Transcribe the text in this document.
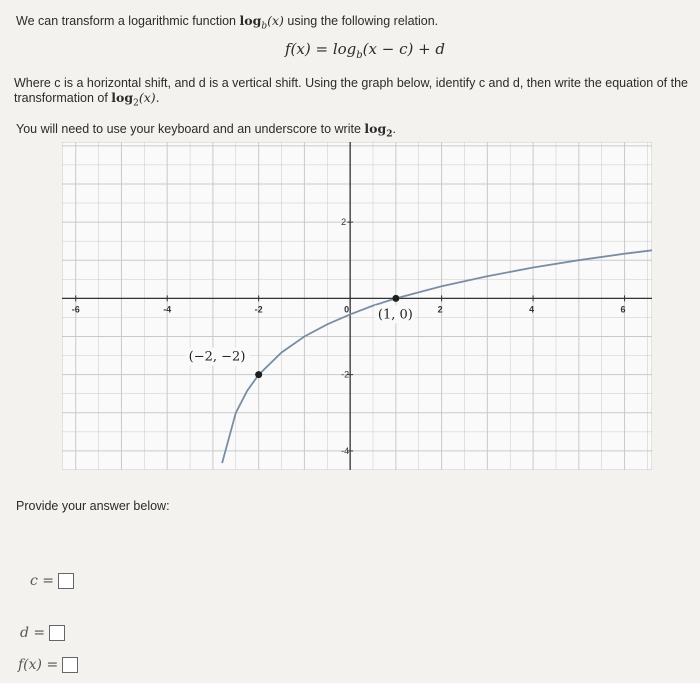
We can transform a logarithmic function $\log_b(x)$ using the following relation.
$f(x) = \log_b(x - c) + d$
Where c is a horizontal shift, and d is a vertical shift. Using the graph below, identify c and d, then write the equation of the
transformation of $\log_2(x)$.
You will need to use your keyboard and an underscore to write $\log_2$.
-6	-4	-2	0	2	4	6
2
-2
-4
(−2, −2)
(1, 0)
Provide your answer below:
c =
d =
f(x) =
